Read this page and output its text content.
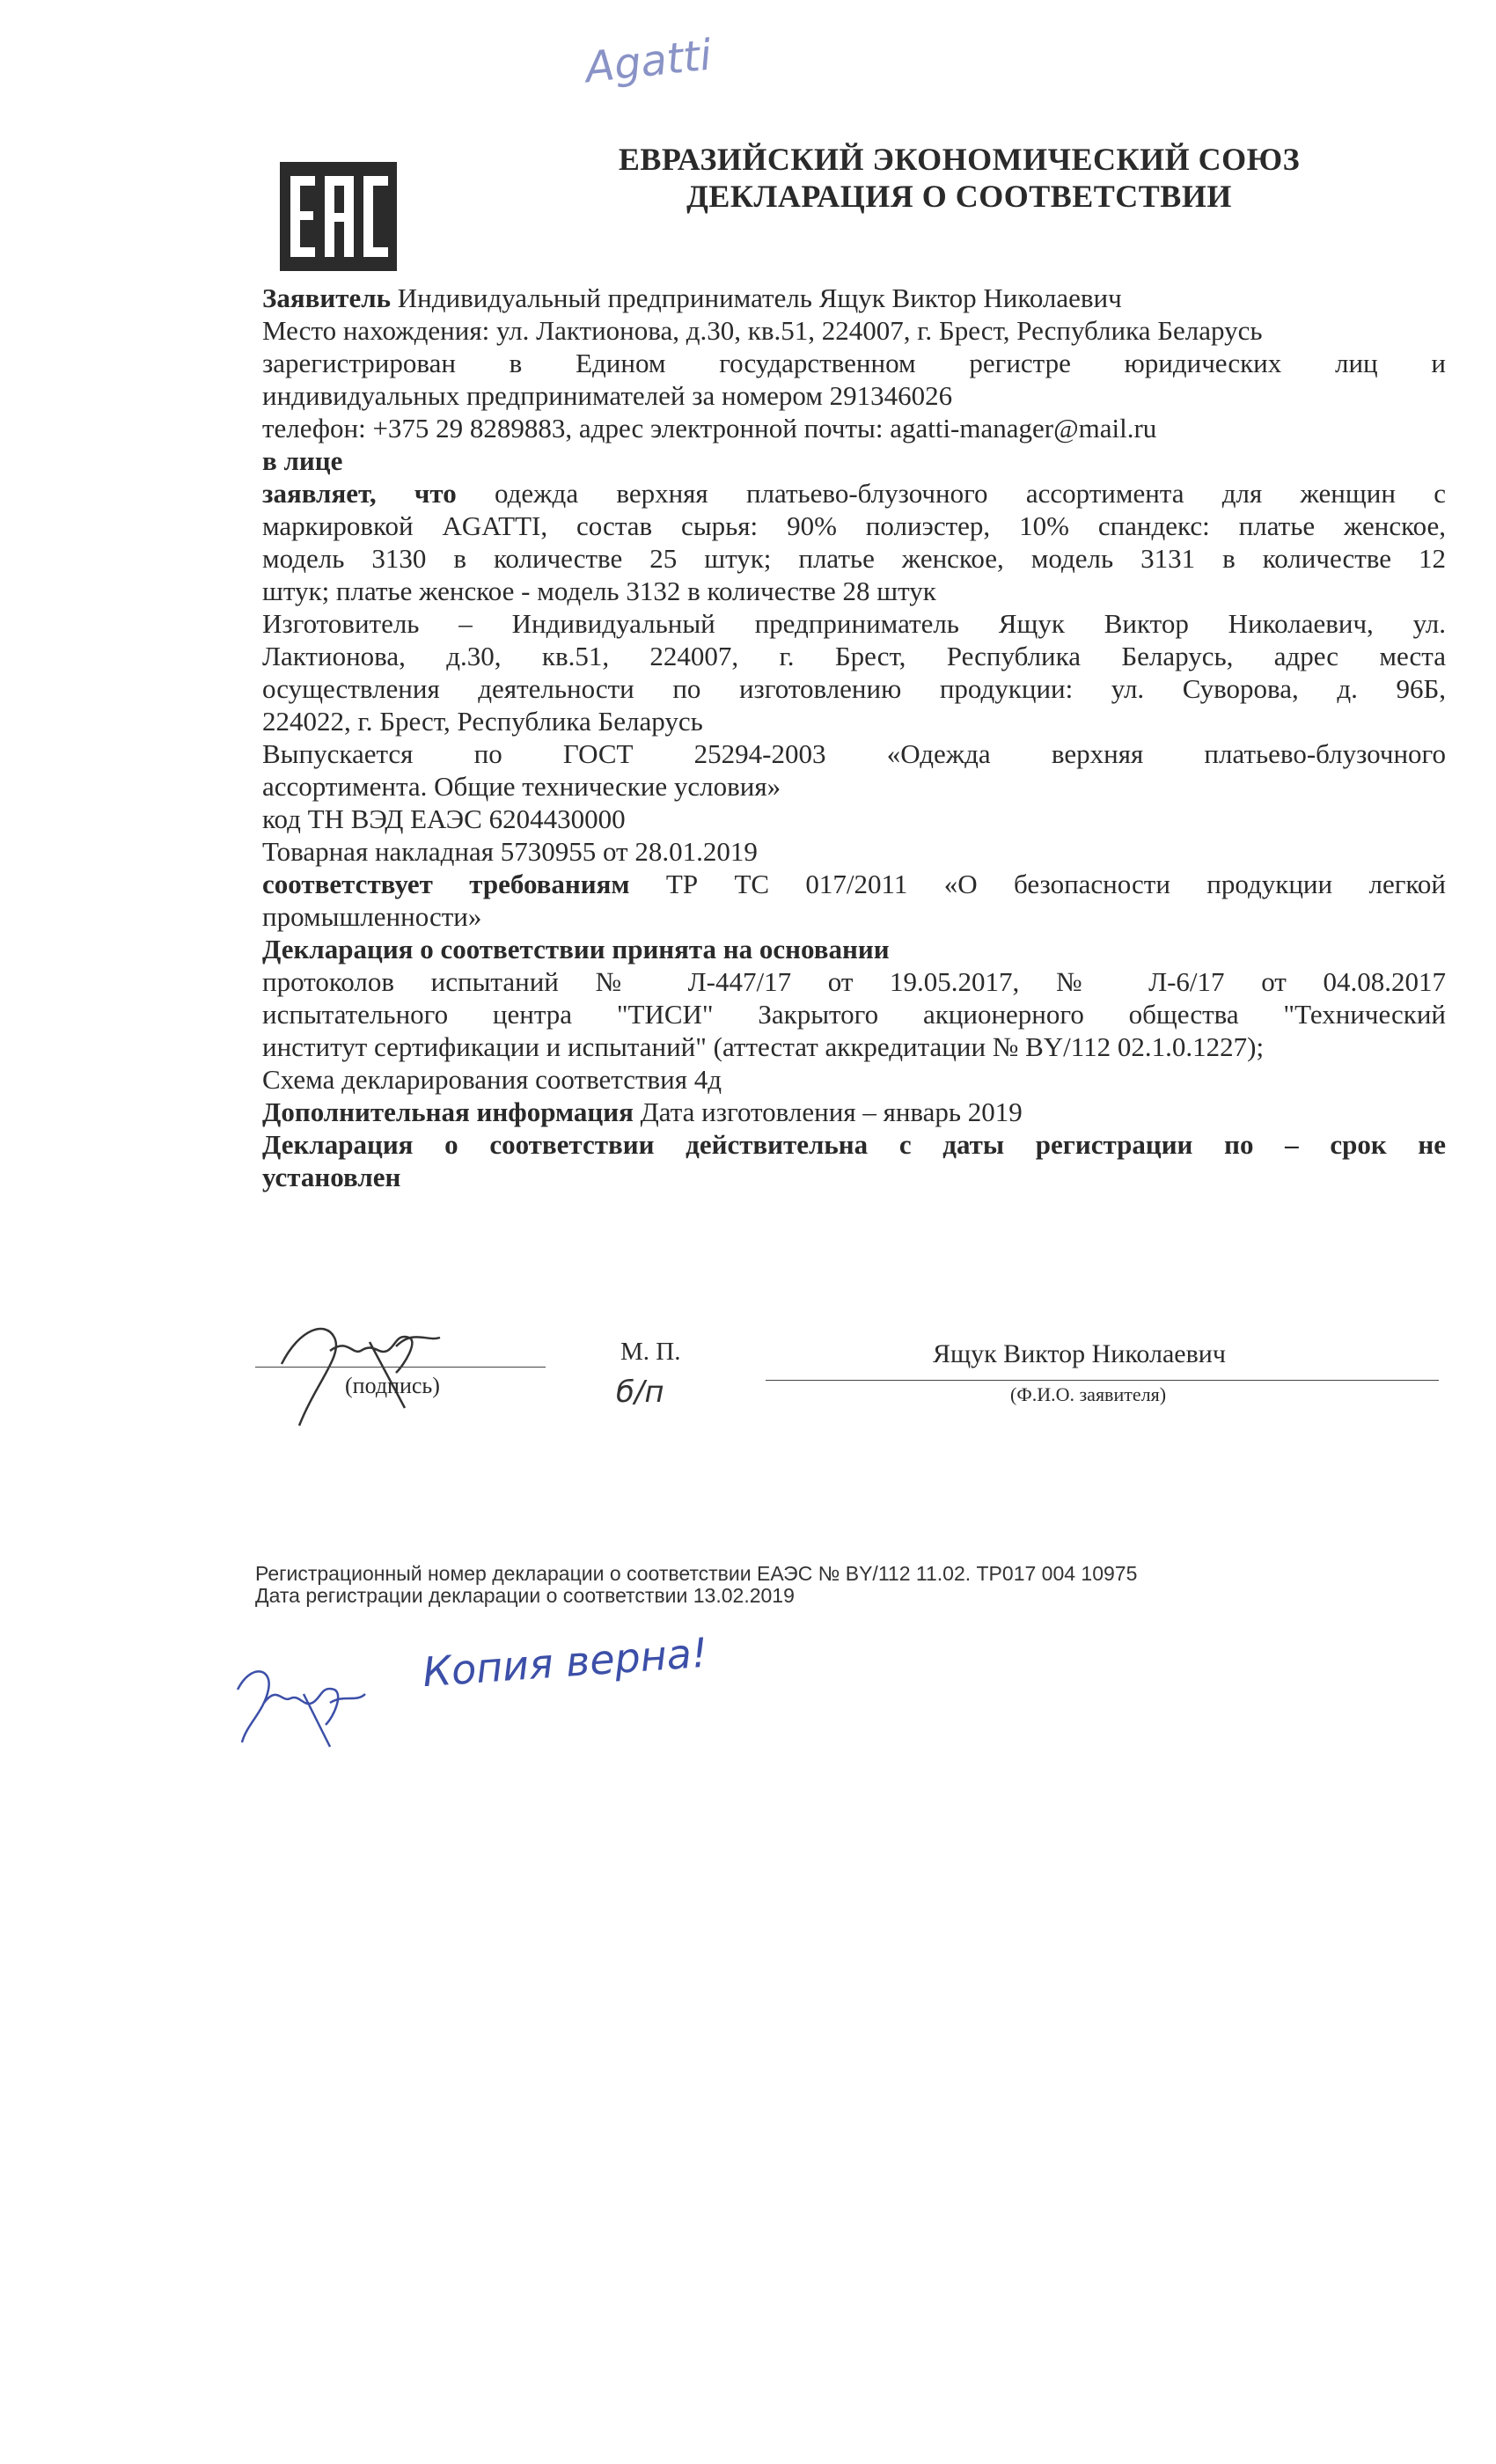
Agatti
EAC
ЕВРАЗИЙСКИЙ ЭКОНОМИЧЕСКИЙ СОЮЗ
ДЕКЛАРАЦИЯ О СООТВЕТСТВИИ
Заявитель Индивидуальный предприниматель Ящук Виктор Николаевич
Место нахождения: ул. Лактионова, д.30, кв.51, 224007, г. Брест, Республика Беларусь
зарегистрирован в Едином государственном регистре юридических лиц и
индивидуальных предпринимателей за номером 291346026
телефон: +375 29 8289883, адрес электронной почты: agatti-manager@mail.ru
в лице
заявляет, что одежда верхняя платьево-блузочного ассортимента для женщин с
маркировкой AGATTI, состав сырья: 90% полиэстер, 10% спандекс: платье женское,
модель 3130 в количестве 25 штук; платье женское, модель 3131 в количестве 12
штук; платье женское - модель 3132 в количестве 28 штук
Изготовитель – Индивидуальный предприниматель Ящук Виктор Николаевич, ул.
Лактионова, д.30, кв.51, 224007, г. Брест, Республика Беларусь, адрес места
осуществления деятельности по изготовлению продукции: ул. Суворова, д. 96Б,
224022, г. Брест, Республика Беларусь
Выпускается по ГОСТ 25294-2003 «Одежда верхняя платьево-блузочного
ассортимента. Общие технические условия»
код ТН ВЭД ЕАЭС 6204430000
Товарная накладная 5730955 от 28.01.2019
соответствует требованиям ТР ТС 017/2011 «О безопасности продукции легкой
промышленности»
Декларация о соответствии принята на основании
протоколов испытаний № Л-447/17 от 19.05.2017, № Л-6/17 от 04.08.2017
испытательного центра "ТИСИ" Закрытого акционерного общества "Технический
институт сертификации и испытаний" (аттестат аккредитации № BY/112 02.1.0.1227);
Схема декларирования соответствия 4д
Дополнительная информация Дата изготовления – январь 2019
Декларация о соответствии действительна с даты регистрации по – срок не
установлен
(подпись)
М. П.
б/п
Ящук Виктор Николаевич
(Ф.И.О. заявителя)
Регистрационный номер декларации о соответствии ЕАЭС № BY/112 11.02. ТР017 004 10975
Дата регистрации декларации о соответствии 13.02.2019
Копия верна!
